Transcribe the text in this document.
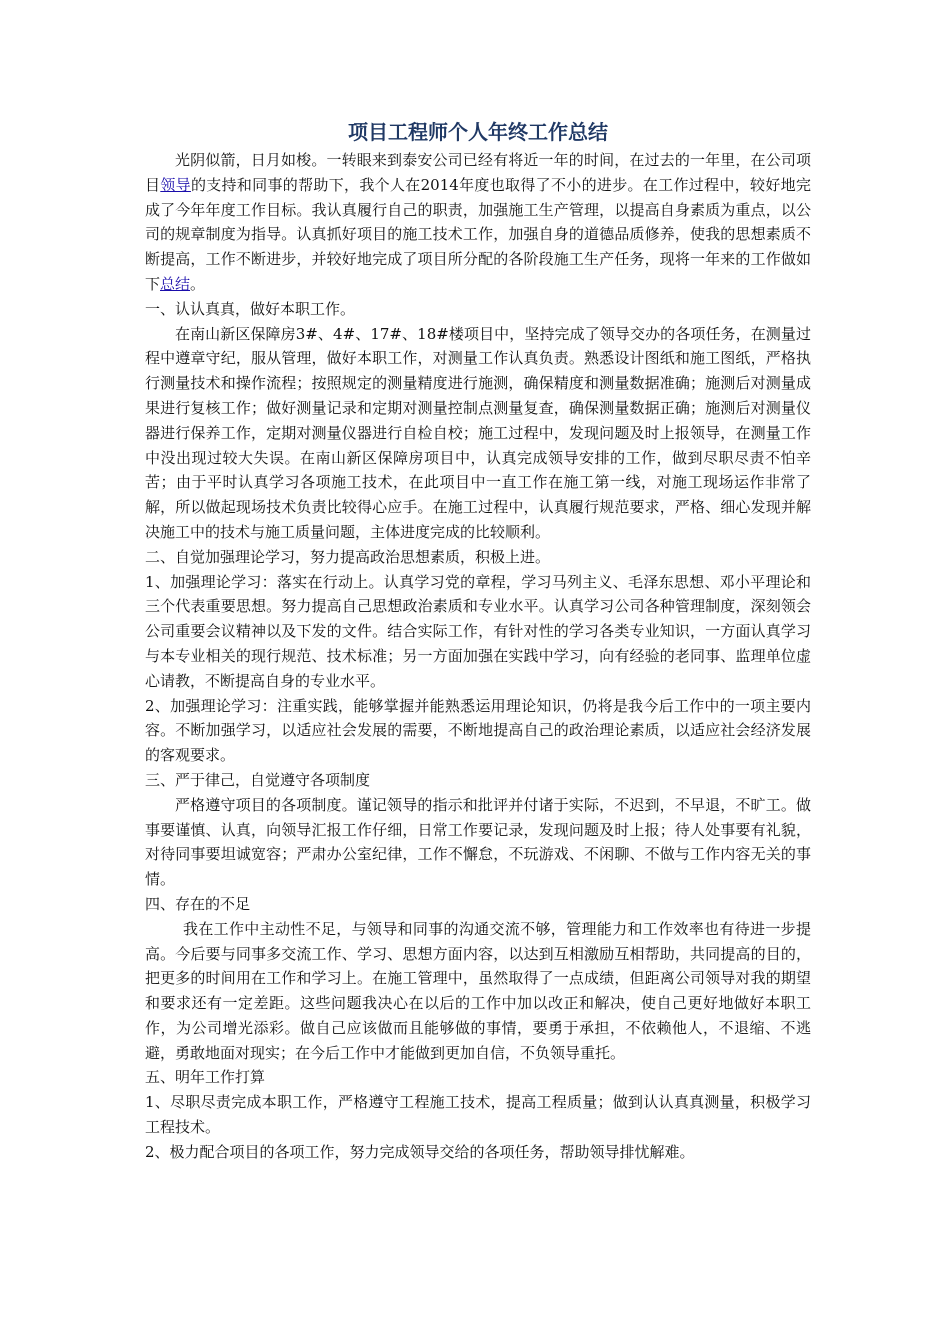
项目工程师个人年终工作总结

光阴似箭，日月如梭。一转眼来到泰安公司已经有将近一年的时间，在过去的一年里，在公司项目领导的支持和同事的帮助下，我个人在2014年度也取得了不小的进步。在工作过程中，较好地完成了今年年度工作目标。我认真履行自己的职责，加强施工生产管理，以提高自身素质为重点，以公司的规章制度为指导。认真抓好项目的施工技术工作，加强自身的道德品质修养，使我的思想素质不断提高，工作不断进步，并较好地完成了项目所分配的各阶段施工生产任务，现将一年来的工作做如下总结。

一、认认真真，做好本职工作。

在南山新区保障房3#、4#、17#、18#楼项目中，坚持完成了领导交办的各项任务，在测量过程中遵章守纪，服从管理，做好本职工作，对测量工作认真负责。熟悉设计图纸和施工图纸，严格执行测量技术和操作流程；按照规定的测量精度进行施测，确保精度和测量数据准确；施测后对测量成果进行复核工作；做好测量记录和定期对测量控制点测量复查，确保测量数据正确；施测后对测量仪器进行保养工作，定期对测量仪器进行自检自校；施工过程中，发现问题及时上报领导，在测量工作中没出现过较大失误。在南山新区保障房项目中，认真完成领导安排的工作，做到尽职尽责不怕辛苦；由于平时认真学习各项施工技术，在此项目中一直工作在施工第一线，对施工现场运作非常了解，所以做起现场技术负责比较得心应手。在施工过程中，认真履行规范要求，严格、细心发现并解决施工中的技术与施工质量问题，主体进度完成的比较顺利。

二、自觉加强理论学习，努力提高政治思想素质，积极上进。

1、加强理论学习：落实在行动上。认真学习党的章程，学习马列主义、毛泽东思想、邓小平理论和三个代表重要思想。努力提高自己思想政治素质和专业水平。认真学习公司各种管理制度，深刻领会公司重要会议精神以及下发的文件。结合实际工作，有针对性的学习各类专业知识，一方面认真学习与本专业相关的现行规范、技术标准；另一方面加强在实践中学习，向有经验的老同事、监理单位虚心请教，不断提高自身的专业水平。

2、加强理论学习：注重实践，能够掌握并能熟悉运用理论知识，仍将是我今后工作中的一项主要内容。不断加强学习，以适应社会发展的需要，不断地提高自己的政治理论素质，以适应社会经济发展的客观要求。

三、严于律己，自觉遵守各项制度

严格遵守项目的各项制度。谨记领导的指示和批评并付诸于实际，不迟到，不早退，不旷工。做事要谨慎、认真，向领导汇报工作仔细，日常工作要记录，发现问题及时上报；待人处事要有礼貌，对待同事要坦诚宽容；严肃办公室纪律，工作不懈怠，不玩游戏、不闲聊、不做与工作内容无关的事情。

四、存在的不足

我在工作中主动性不足，与领导和同事的沟通交流不够，管理能力和工作效率也有待进一步提高。今后要与同事多交流工作、学习、思想方面内容，以达到互相激励互相帮助，共同提高的目的，把更多的时间用在工作和学习上。在施工管理中，虽然取得了一点成绩，但距离公司领导对我的期望和要求还有一定差距。这些问题我决心在以后的工作中加以改正和解决，使自己更好地做好本职工作，为公司增光添彩。做自己应该做而且能够做的事情，要勇于承担，不依赖他人，不退缩、不逃避，勇敢地面对现实；在今后工作中才能做到更加自信，不负领导重托。

五、明年工作打算

1、尽职尽责完成本职工作，严格遵守工程施工技术，提高工程质量；做到认认真真测量，积极学习工程技术。

2、极力配合项目的各项工作，努力完成领导交给的各项任务，帮助领导排忧解难。
